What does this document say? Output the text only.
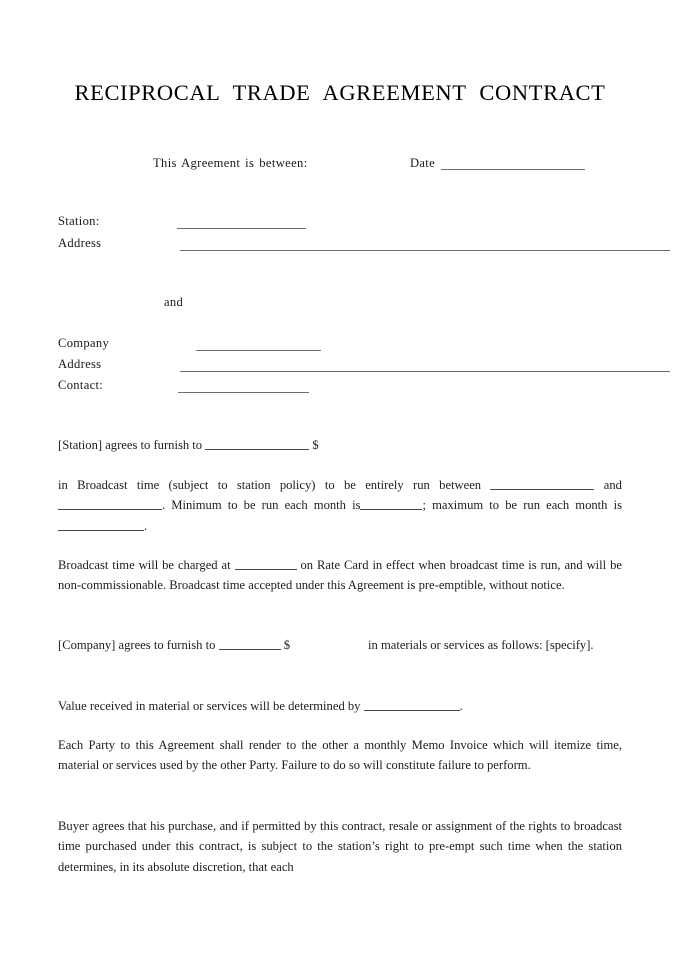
RECIPROCAL TRADE AGREEMENT CONTRACT
This Agreement is between:	Date
Station:
Address
and
Company
Address
Contact:
[Station] agrees to furnish to	$
in Broadcast time (subject to station policy) to be entirely run between	and . Minimum to be run each month is	; maximum to be run each month is .
Broadcast time will be charged at	on Rate Card in effect when broadcast time is run, and will be non-commissionable. Broadcast time accepted under this Agreement is pre-emptible, without notice.
[Company] agrees to furnish to	$	in materials or services as follows: [specify].
Value received in material or services will be determined by	.
Each Party to this Agreement shall render to the other a monthly Memo Invoice which will itemize time, material or services used by the other Party. Failure to do so will constitute failure to perform.
Buyer agrees that his purchase, and if permitted by this contract, resale or assignment of the rights to broadcast time purchased under this contract, is subject to the station’s right to pre-empt such time when the station determines, in its absolute discretion, that each
